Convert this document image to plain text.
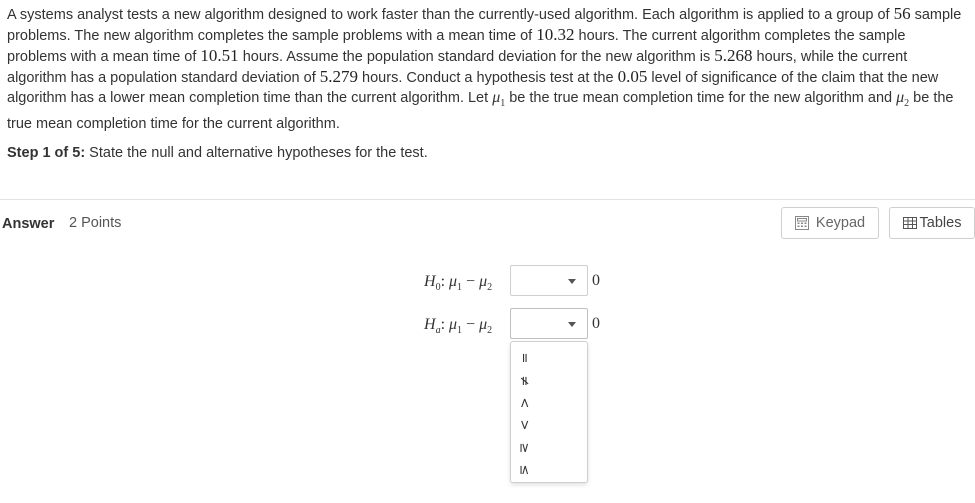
A systems analyst tests a new algorithm designed to work faster than the currently-used algorithm. Each algorithm is applied to a group of 56 sample problems. The new algorithm completes the sample problems with a mean time of 10.32 hours. The current algorithm completes the sample problems with a mean time of 10.51 hours. Assume the population standard deviation for the new algorithm is 5.268 hours, while the current algorithm has a population standard deviation of 5.279 hours. Conduct a hypothesis test at the 0.05 level of significance of the claim that the new algorithm has a lower mean completion time than the current algorithm. Let $\mu_1$ be the true mean completion time for the new algorithm and $\mu_2$ be the true mean completion time for the current algorithm.
Step 1 of 5: State the null and alternative hypotheses for the test.
Answer 2 Points	Keypad	Tables
$H_0$: $\mu_1 - \mu_2$	0
$H_a$: $\mu_1 - \mu_2$	0
=
≠
<
>
≥
≤
